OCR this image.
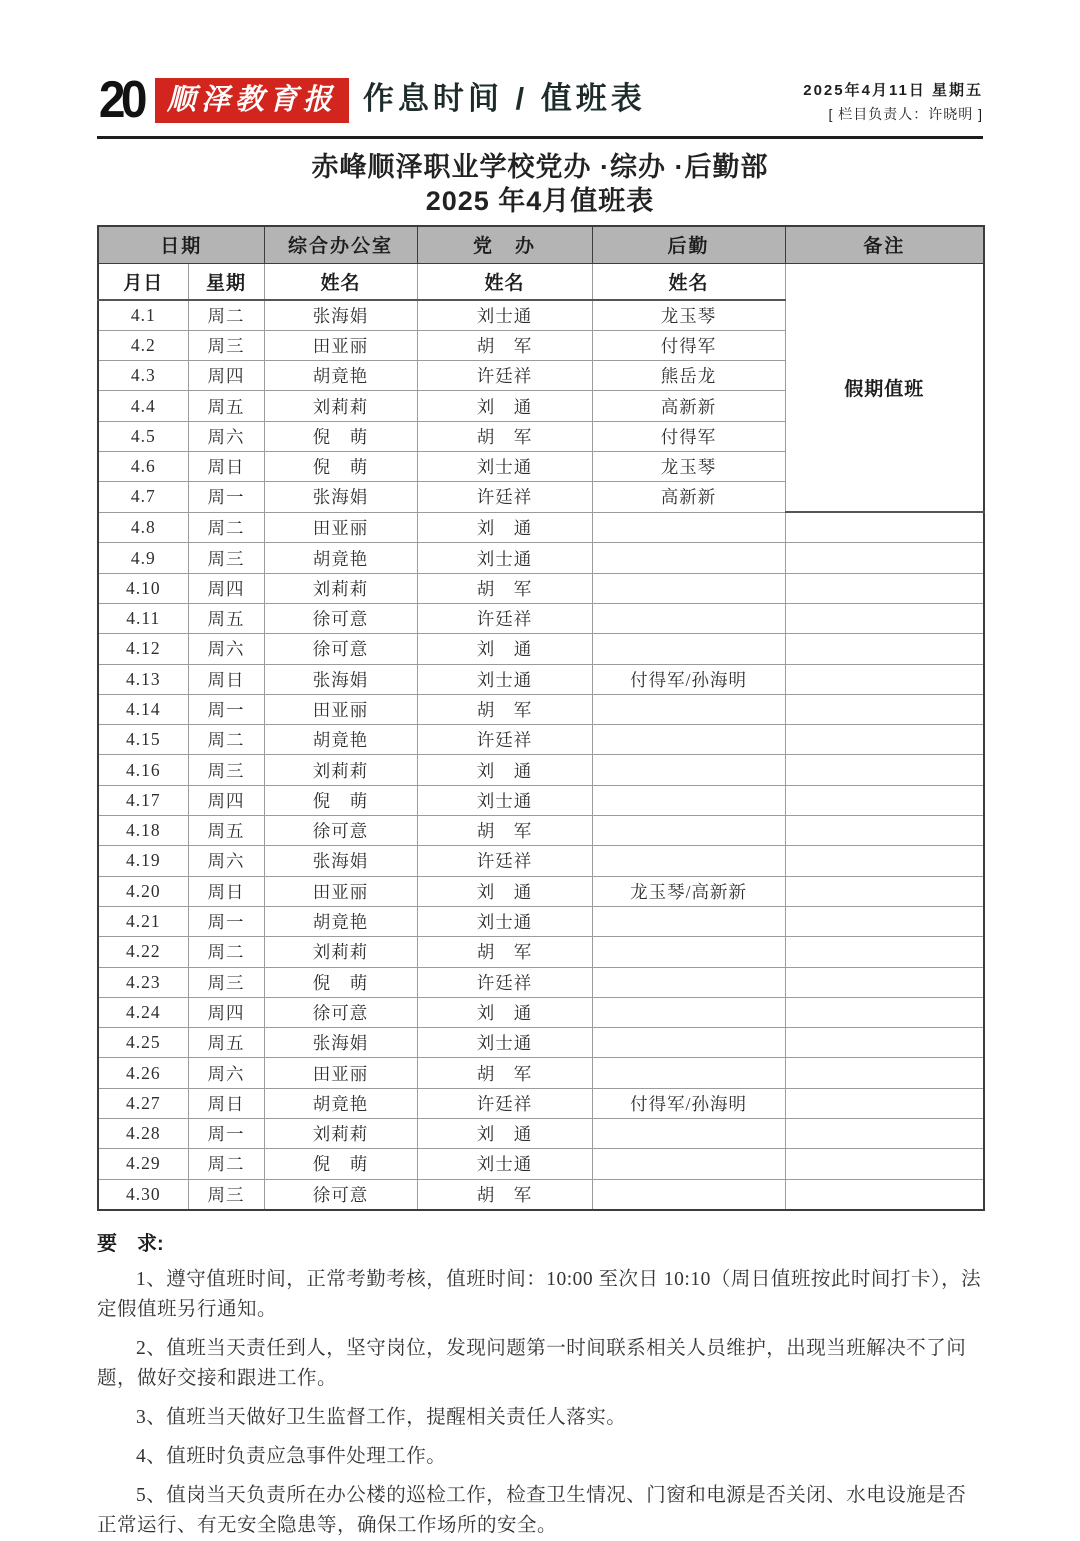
20 顺泽教育报 作息时间 / 值班表	2025年4月11日 星期五
[ 栏目负责人：许晓明 ]
赤峰顺泽职业学校党办 ·综办 ·后勤部
2025 年4月值班表
日期		综合办公室	党　办	后勤	备注
月日	星期	姓名	姓名	姓名	假期值班
4.1	周二	张海娟	刘士通	龙玉琴	
4.2	周三	田亚丽	胡　军	付得军	
4.3	周四	胡竟艳	许廷祥	熊岳龙	
4.4	周五	刘莉莉	刘　通	高新新	
4.5	周六	倪　萌	胡　军	付得军	
4.6	周日	倪　萌	刘士通	龙玉琴	
4.7	周一	张海娟	许廷祥	高新新	
4.8	周二	田亚丽	刘　通		
4.9	周三	胡竟艳	刘士通		
4.10	周四	刘莉莉	胡　军		
4.11	周五	徐可意	许廷祥		
4.12	周六	徐可意	刘　通		
4.13	周日	张海娟	刘士通	付得军/孙海明	
4.14	周一	田亚丽	胡　军		
4.15	周二	胡竟艳	许廷祥		
4.16	周三	刘莉莉	刘　通		
4.17	周四	倪　萌	刘士通		
4.18	周五	徐可意	胡　军		
4.19	周六	张海娟	许廷祥		
4.20	周日	田亚丽	刘　通	龙玉琴/高新新	
4.21	周一	胡竟艳	刘士通		
4.22	周二	刘莉莉	胡　军		
4.23	周三	倪　萌	许廷祥		
4.24	周四	徐可意	刘　通		
4.25	周五	张海娟	刘士通		
4.26	周六	田亚丽	胡　军		
4.27	周日	胡竟艳	许廷祥	付得军/孙海明	
4.28	周一	刘莉莉	刘　通		
4.29	周二	倪　萌	刘士通		
4.30	周三	徐可意	胡　军		
要　求:

1、遵守值班时间，正常考勤考核，值班时间：10:00 至次日 10:10（周日值班按此时间打卡），法定假值班另行通知。

2、值班当天责任到人，坚守岗位，发现问题第一时间联系相关人员维护，出现当班解决不了问题，做好交接和跟进工作。

3、值班当天做好卫生监督工作，提醒相关责任人落实。

4、值班时负责应急事件处理工作。

5、值岗当天负责所在办公楼的巡检工作，检查卫生情况、门窗和电源是否关闭、水电设施是否正常运行、有无安全隐患等，确保工作场所的安全。
